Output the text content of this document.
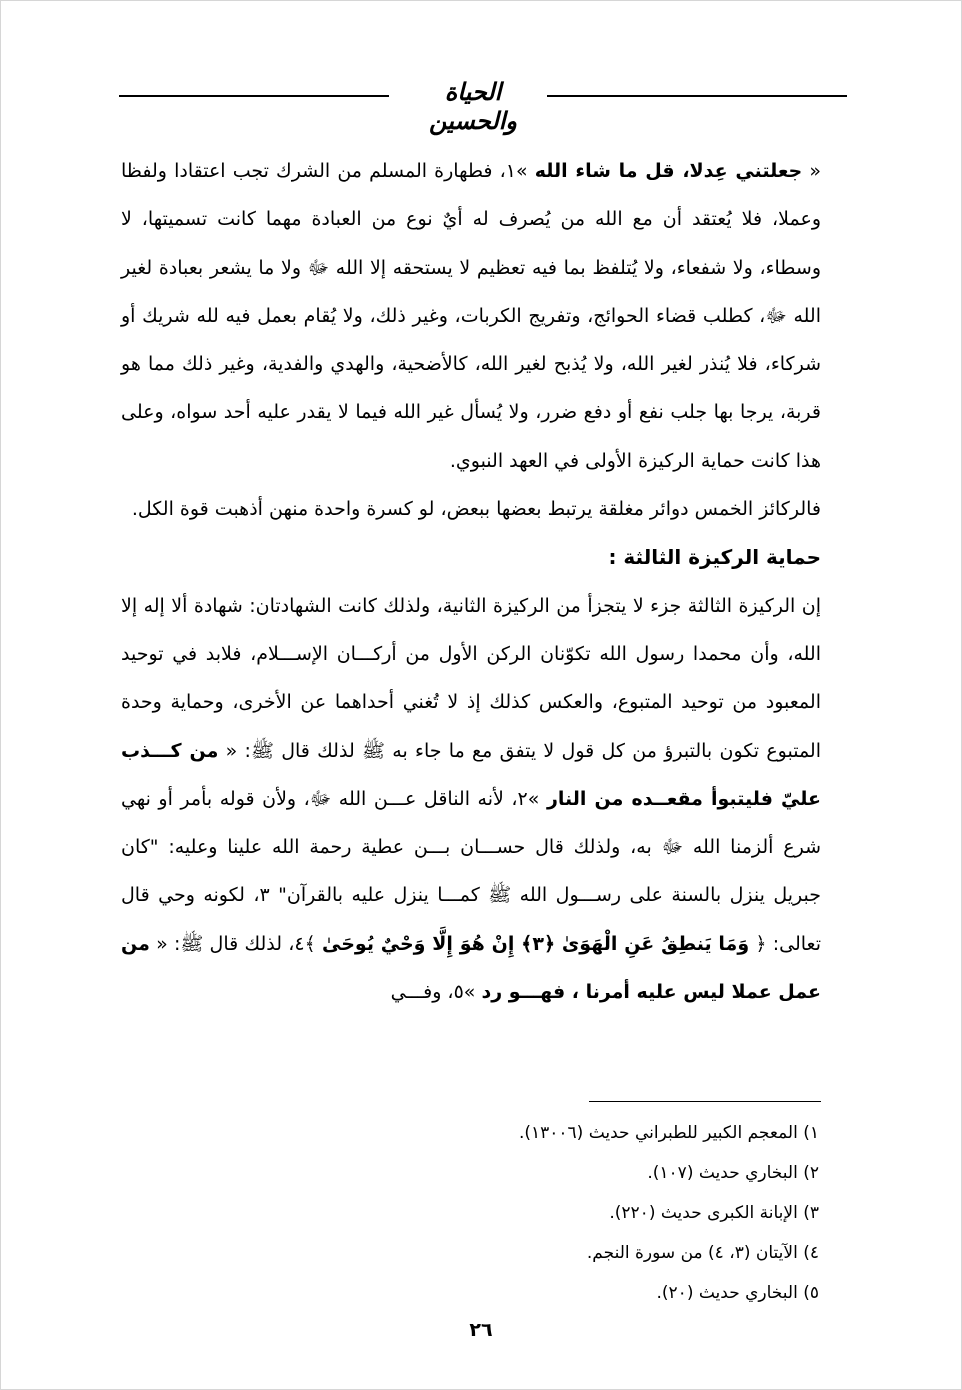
الحياة والحسين

« جعلتني عِدلا، قل ما شاء الله »١، فطهارة المسلم من الشرك تجب اعتقادا ولفظا وعملا، فلا يُعتقد أن مع الله من يُصرف له أيٌ نوع من العبادة مهما كانت تسميتها، لا وسطاء، ولا شفعاء، ولا يُتلفظ بما فيه تعظيم لا يستحقه إلا الله ﷻ ولا ما يشعر بعبادة لغير الله ﷻ، كطلب قضاء الحوائج، وتفريج الكربات، وغير ذلك، ولا يُقام بعمل فيه لله شريك أو شركاء، فلا يُنذر لغير الله، ولا يُذبح لغير الله، كالأضحية، والهدي والفدية، وغير ذلك مما هو قربة، يرجا بها جلب نفع أو دفع ضرر، ولا يُسأل غير الله فيما لا يقدر عليه أحد سواه، وعلى هذا كانت حماية الركيزة الأولى في العهد النبوي.

فالركائز الخمس دوائر مغلقة يرتبط بعضها ببعض، لو كسرة واحدة منهن أذهبت قوة الكل.

حماية الركيزة الثالثة :

إن الركيزة الثالثة جزء لا يتجزأ من الركيزة الثانية، ولذلك كانت الشهادتان: شهادة ألا إله إلا الله، وأن محمدا رسول الله تكوّنان الركن الأول من أركـــان الإســـلام، فلابد في توحيد المعبود من توحيد المتبوع، والعكس كذلك إذ لا تُغني أحداهما عن الأخرى، وحماية وحدة المتبوع تكون بالتبرؤ من كل قول لا يتفق مع ما جاء به ﷺ لذلك قال ﷺ: « من كـــذب عليّ فليتبوأ مقعــده من النار »٢، لأنه الناقل عـــن الله ﷻ، ولأن قوله بأمر أو نهي شرع ألزمنا الله ﷻ به، ولذلك قال حســـان بـــن عطية رحمة الله علينا وعليه: "كان جبريل ينزل بالسنة على رســـول الله ﷺ كمـــا ينزل عليه بالقرآن" ٣، لكونه وحي قال تعالى: ﴿ وَمَا يَنطِقُ عَنِ الْهَوَىٰ ﴿٣﴾ إِنْ هُوَ إِلَّا وَحْيٌ يُوحَىٰ ﴾٤، لذلك قال ﷺ: « من عمل عملا ليس عليه أمرنا ، فهـــو رد »٥، وفـــي

١) المعجم الكبير للطبراني حديث (١٣٠٠٦).
٢) البخاري حديث (١٠٧).
٣) الإبانة الكبرى حديث (٢٢٠).
٤) الآيتان (٣، ٤) من سورة النجم.
٥) البخاري حديث (٢٠).
٢٦
